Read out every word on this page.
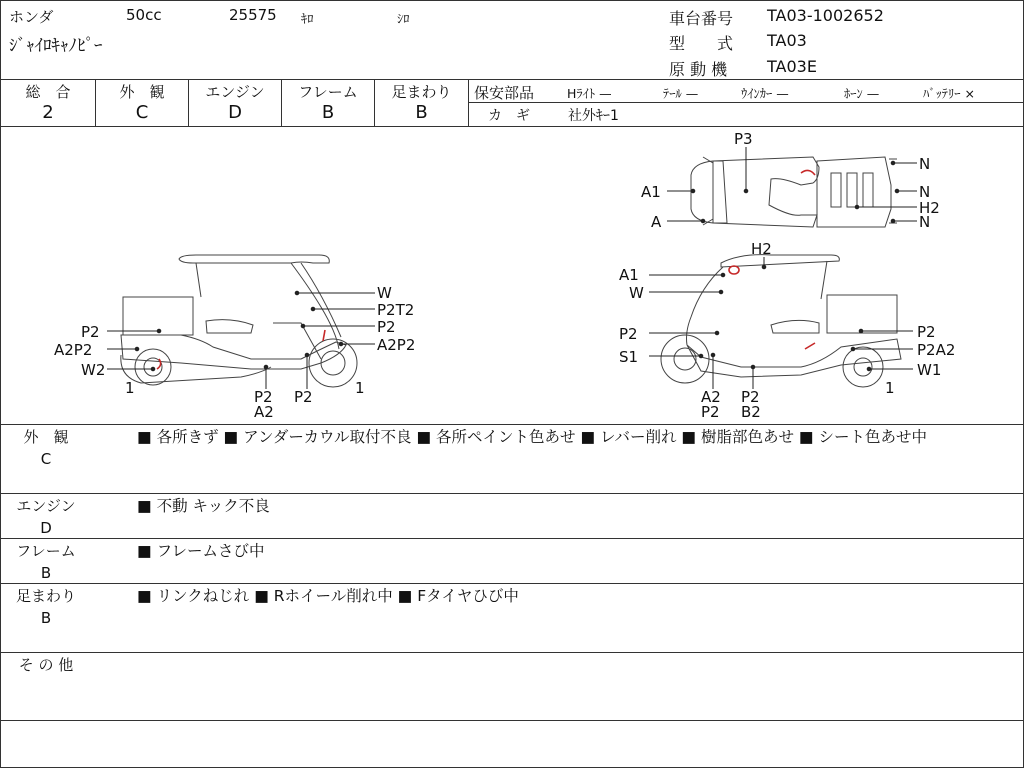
ホンダ	50cc	25575 ｷﾛ	ｼﾛ
ｼﾞｬｲﾛｷｬﾉﾋﾟｰ
車台番号 TA03-1002652
型　　式 TA03
原 動 機 TA03E
総　合	外　観	エンジン	フレーム	足まわり
2	C	D	B	B
保安部品	Hﾗｲﾄ —	ﾃｰﾙ —	ｳｲﾝｶｰ —	ﾎｰﾝ —	ﾊﾞｯﾃﾘｰ ×
カ　ギ	社外ｷｰ1
W
P2T2
P2
A2P2
P2
A2P2
W2
1	1
P2
A2
P2
H2
A1
W
P2
S1
P2
P2A2
W1
1
A2
P2
P2
B2
P3
A1
A
N
N
H2
N
外　観
C
■ 各所きず ■ アンダーカウル取付不良 ■ 各所ペイント色あせ ■ レバー削れ ■ 樹脂部色あせ ■ シート色あせ中
エンジン
D
■ 不動 キック不良
フレーム
B
■ フレームさび中
足まわり
B
■ リンクねじれ ■ Rホイール削れ中 ■ Fタイヤひび中
そ の 他
